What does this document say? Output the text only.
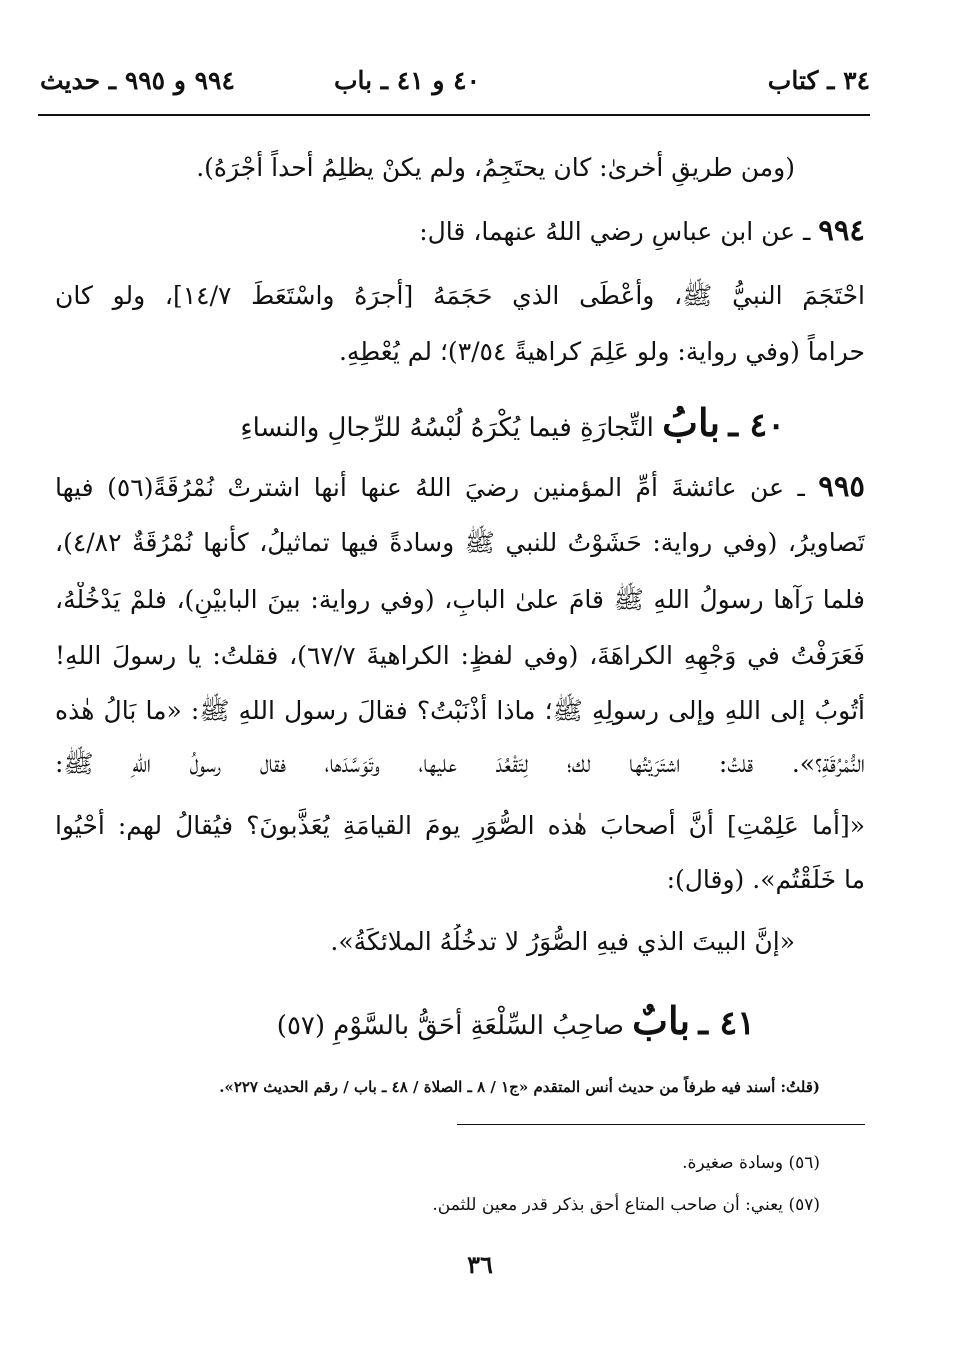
٣٤ ـ كتاب
٤٠ و ٤١ ـ باب
٩٩٤ و ٩٩٥ ـ حديث
(ومن طريقٍ أخرىٰ: كان يحتَجِمُ، ولم يكنْ يظلِمُ أحداً أجْرَهُ).
٩٩٤ ـ عن ابن عباسٍ رضي اللهُ عنهما، قال:
احْتَجَمَ النبيُّ ﷺ، وأعْطَى الذي حَجَمَهُ [أجرَهُ واسْتَعَطَ ١٤/٧]، ولو كان
حراماً (وفي رواية: ولو عَلِمَ كراهيةً ٣/٥٤)؛ لم يُعْطِهِ.
٤٠ ـ بابُ التِّجارَةِ فيما يُكْرَهُ لُبْسُهُ للرِّجالِ والنساءِ
٩٩٥ ـ عن عائشةَ أمِّ المؤمنين رضيَ اللهُ عنها أنها اشترتْ نُمْرُقَةً(٥٦) فيها
تَصاويرُ، (وفي رواية: حَشَوْتُ للنبي ﷺ وسادةً فيها تماثيلُ، كأنها نُمْرُقَةٌ ٤/٨٢)،
فلما رَآها رسولُ اللهِ ﷺ قامَ علىٰ البابِ، (وفي رواية: بينَ البابيْنِ)، فلمْ يَدْخُلْهُ،
فَعَرَفْتُ في وَجْهِهِ الكراهَةَ، (وفي لفظٍ: الكراهيةَ ٦٧/٧)، فقلتُ: يا رسولَ اللهِ!
أتُوبُ إلى اللهِ وإلى رسولِهِ ﷺ؛ ماذا أذْنَبْتُ؟ فقالَ رسول اللهِ ﷺ: «ما بَالُ هٰذه
النُّمْرُقَةِ؟». قلتُ: اشتَرَيْتُها لك؛ لِتَقْعُدَ عليها، وتَوَسَّدَها، فقال رسولُ اللهِ ﷺ:
«[أما عَلِمْتِ] أنَّ أصحابَ هٰذه الصُّوَرِ يومَ القيامَةِ يُعَذَّبونَ؟ فيُقالُ لهم: أَحْيُوا
ما خَلَقْتُم». (وقال):
«إنَّ البيتَ الذي فيهِ الصُّوَرُ لا تدخُلُهُ الملائكَةُ».
٤١ ـ بابٌ صاحِبُ السِّلْعَةِ أحَقُّ بالسَّوْمِ (٥٧)
(قلتُ: أسند فيه طرفاً من حديث أنس المتقدم «ج١ / ٨ ـ الصلاة / ٤٨ ـ باب / رقم الحديث ٢٢٧».
(٥٦) وسادة صغيرة.
(٥٧) يعني: أن صاحب المتاع أحق بذكر قدر معين للثمن.
٣٦
